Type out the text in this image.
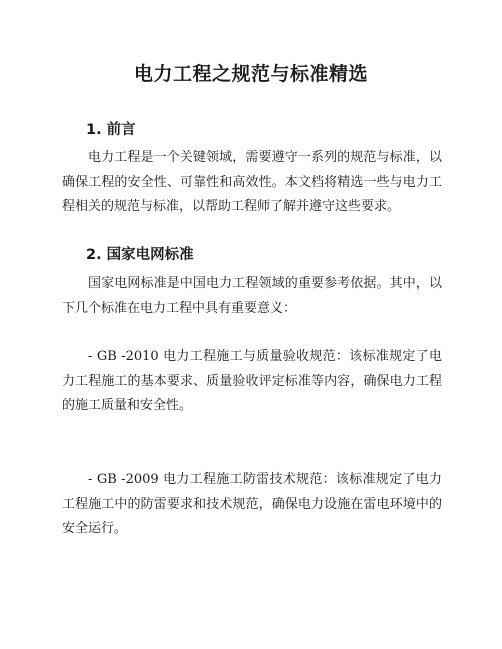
电力工程之规范与标准精选
1. 前言

电力工程是一个关键领域，需要遵守一系列的规范与标准，以确保工程的安全性、可靠性和高效性。本文档将精选一些与电力工程相关的规范与标准，以帮助工程师了解并遵守这些要求。

2. 国家电网标准

国家电网标准是中国电力工程领域的重要参考依据。其中，以下几个标准在电力工程中具有重要意义：

- GB -2010 电力工程施工与质量验收规范：该标准规定了电力工程施工的基本要求、质量验收评定标准等内容，确保电力工程的施工质量和安全性。

- GB -2009 电力工程施工防雷技术规范：该标准规定了电力工程施工中的防雷要求和技术规范，确保电力设施在雷电环境中的安全运行。
